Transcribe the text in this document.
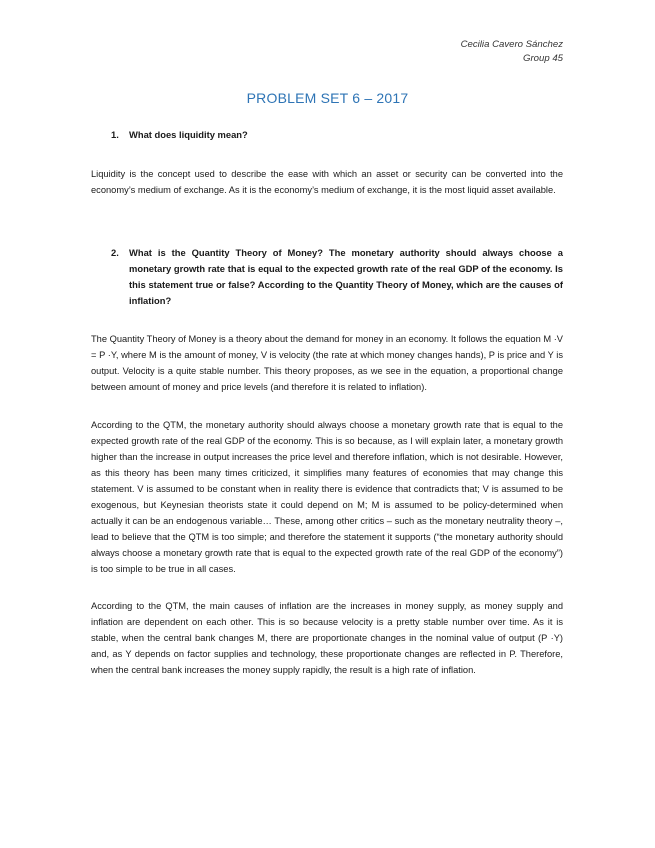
Cecilia Cavero Sánchez
Group 45
PROBLEM SET 6 – 2017
1. What does liquidity mean?

Liquidity is the concept used to describe the ease with which an asset or security can be converted into the economy’s medium of exchange. As it is the economy’s medium of exchange, it is the most liquid asset available.

2. What is the Quantity Theory of Money? The monetary authority should always choose a monetary growth rate that is equal to the expected growth rate of the real GDP of the economy. Is this statement true or false? According to the Quantity Theory of Money, which are the causes of inflation?

The Quantity Theory of Money is a theory about the demand for money in an economy. It follows the equation M ·V = P ·Y, where M is the amount of money, V is velocity (the rate at which money changes hands), P is price and Y is output. Velocity is a quite stable number. This theory proposes, as we see in the equation, a proportional change between amount of money and price levels (and therefore it is related to inflation).

According to the QTM, the monetary authority should always choose a monetary growth rate that is equal to the expected growth rate of the real GDP of the economy. This is so because, as I will explain later, a monetary growth higher than the increase in output increases the price level and therefore inflation, which is not desirable. However, as this theory has been many times criticized, it simplifies many features of economies that may change this statement. V is assumed to be constant when in reality there is evidence that contradicts that; V is assumed to be exogenous, but Keynesian theorists state it could depend on M; M is assumed to be policy-determined when actually it can be an endogenous variable… These, among other critics – such as the monetary neutrality theory –, lead to believe that the QTM is too simple; and therefore the statement it supports (“the monetary authority should always choose a monetary growth rate that is equal to the expected growth rate of the real GDP of the economy”) is too simple to be true in all cases.

According to the QTM, the main causes of inflation are the increases in money supply, as money supply and inflation are dependent on each other. This is so because velocity is a pretty stable number over time. As it is stable, when the central bank changes M, there are proportionate changes in the nominal value of output (P ·Y) and, as Y depends on factor supplies and technology, these proportionate changes are reflected in P. Therefore, when the central bank increases the money supply rapidly, the result is a high rate of inflation.
